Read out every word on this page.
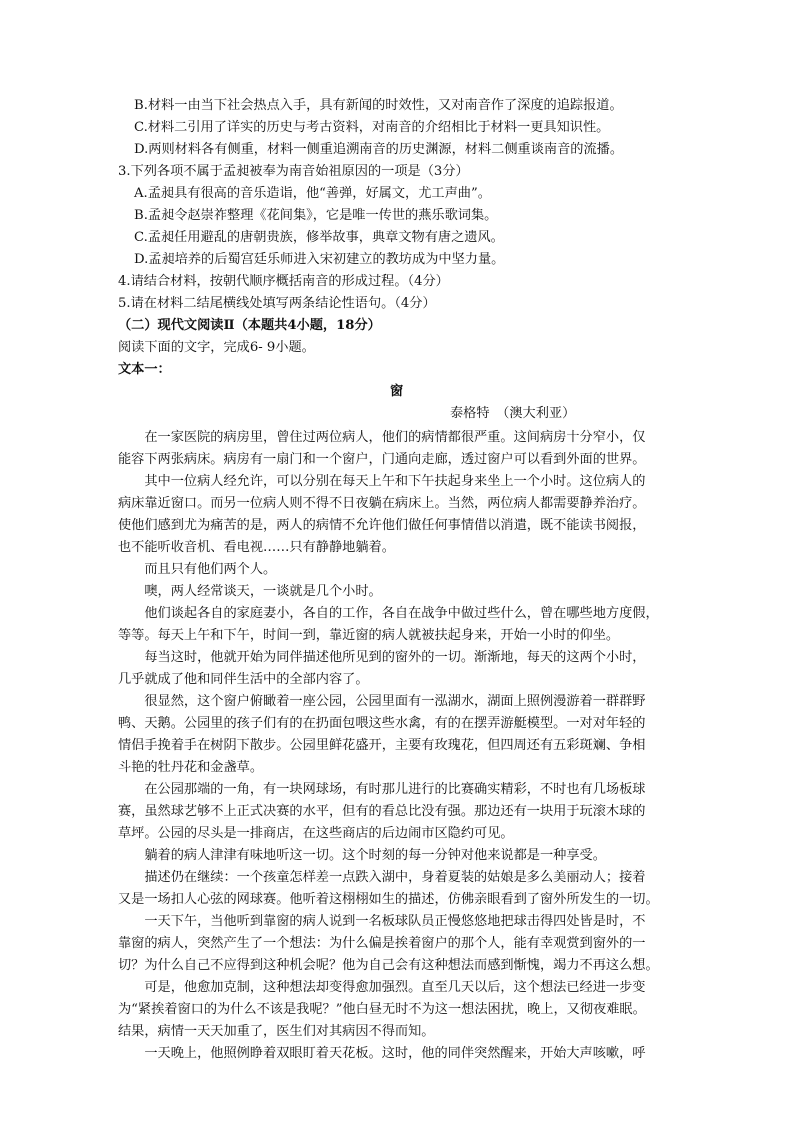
B.材料一由当下社会热点入手，具有新闻的时效性，又对南音作了深度的追踪报道。
C.材料二引用了详实的历史与考古资料，对南音的介绍相比于材料一更具知识性。
D.两则材料各有侧重，材料一侧重追溯南音的历史渊源，材料二侧重谈南音的流播。
3.下列各项不属于孟昶被奉为南音始祖原因的一项是（3分）
A.孟昶具有很高的音乐造诣，他“善弹，好属文，尤工声曲”。
B.孟昶令赵崇祚整理《花间集》，它是唯一传世的燕乐歌词集。
C.孟昶任用避乱的唐朝贵族，修举故事，典章文物有唐之遗风。
D.孟昶培养的后蜀宫廷乐师进入宋初建立的教坊成为中坚力量。
4.请结合材料，按朝代顺序概括南音的形成过程。（4分）
5.请在材料二结尾横线处填写两条结论性语句。（4分）
（二）现代文阅读Ⅱ（本题共4小题，18分）
阅读下面的文字，完成6- 9小题。
文本一：
窗
泰格特　（澳大利亚）
　　在一家医院的病房里，曾住过两位病人，他们的病情都很严重。这间病房十分窄小，仅
能容下两张病床。病房有一扇门和一个窗户，门通向走廊，透过窗户可以看到外面的世界。
　　其中一位病人经允许，可以分别在每天上午和下午扶起身来坐上一个小时。这位病人的
病床靠近窗口。而另一位病人则不得不日夜躺在病床上。当然，两位病人都需要静养治疗。
使他们感到尤为痛苦的是，两人的病情不允许他们做任何事情借以消遣，既不能读书阅报，
也不能听收音机、看电视……只有静静地躺着。
　　而且只有他们两个人。
　　噢，两人经常谈天，一谈就是几个小时。
　　他们谈起各自的家庭妻小，各自的工作，各自在战争中做过些什么，曾在哪些地方度假，
等等。每天上午和下午，时间一到，靠近窗的病人就被扶起身来，开始一小时的仰坐。
　　每当这时，他就开始为同伴描述他所见到的窗外的一切。渐渐地，每天的这两个小时，
几乎就成了他和同伴生活中的全部内容了。
　　很显然，这个窗户俯瞰着一座公园，公园里面有一泓湖水，湖面上照例漫游着一群群野
鸭、天鹅。公园里的孩子们有的在扔面包喂这些水禽，有的在摆弄游艇模型。一对对年轻的
情侣手挽着手在树阴下散步。公园里鲜花盛开，主要有玫瑰花，但四周还有五彩斑斓、争相
斗艳的牡丹花和金盏草。
　　在公园那端的一角，有一块网球场，有时那儿进行的比赛确实精彩，不时也有几场板球
赛，虽然球艺够不上正式决赛的水平，但有的看总比没有强。那边还有一块用于玩滚木球的
草坪。公园的尽头是一排商店，在这些商店的后边闹市区隐约可见。
　　躺着的病人津津有味地听这一切。这个时刻的每一分钟对他来说都是一种享受。
　　描述仍在继续：一个孩童怎样差一点跌入湖中，身着夏装的姑娘是多么美丽动人；接着
又是一场扣人心弦的网球赛。他听着这栩栩如生的描述，仿佛亲眼看到了窗外所发生的一切。
　　一天下午，当他听到靠窗的病人说到一名板球队员正慢悠悠地把球击得四处皆是时，不
靠窗的病人，突然产生了一个想法：为什么偏是挨着窗户的那个人，能有幸观赏到窗外的一
切？为什么自己不应得到这种机会呢？他为自己会有这种想法而感到惭愧，竭力不再这么想。
　　可是，他愈加克制，这种想法却变得愈加强烈。直至几天以后，这个想法已经进一步变
为“紧挨着窗口的为什么不该是我呢？”他白昼无时不为这一想法困扰，晚上，又彻夜难眠。
结果，病情一天天加重了，医生们对其病因不得而知。
　　一天晚上，他照例睁着双眼盯着天花板。这时，他的同伴突然醒来，开始大声咳嗽，呼
